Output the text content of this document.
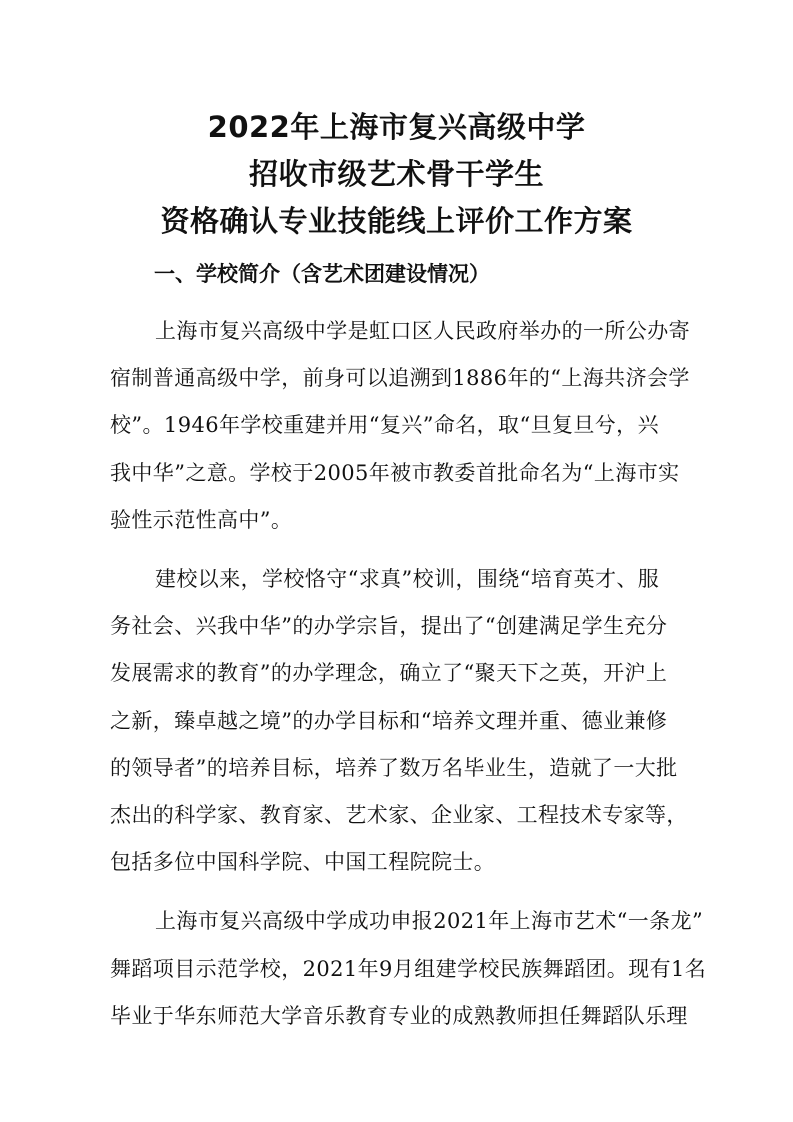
2022年上海市复兴高级中学
招收市级艺术骨干学生
资格确认专业技能线上评价工作方案
一、学校简介（含艺术团建设情况）
上海市复兴高级中学是虹口区人民政府举办的一所公办寄
宿制普通高级中学，前身可以追溯到1886年的“上海共济会学
校”。1946年学校重建并用“复兴”命名，取“旦复旦兮，兴
我中华”之意。学校于2005年被市教委首批命名为“上海市实
验性示范性高中”。
建校以来，学校恪守“求真”校训，围绕“培育英才、服
务社会、兴我中华”的办学宗旨，提出了“创建满足学生充分
发展需求的教育”的办学理念，确立了“聚天下之英，开沪上
之新，臻卓越之境”的办学目标和“培养文理并重、德业兼修
的领导者”的培养目标，培养了数万名毕业生，造就了一大批
杰出的科学家、教育家、艺术家、企业家、工程技术专家等，
包括多位中国科学院、中国工程院院士。
上海市复兴高级中学成功申报2021年上海市艺术“一条龙”
舞蹈项目示范学校，2021年9月组建学校民族舞蹈团。现有1名
毕业于华东师范大学音乐教育专业的成熟教师担任舞蹈队乐理
